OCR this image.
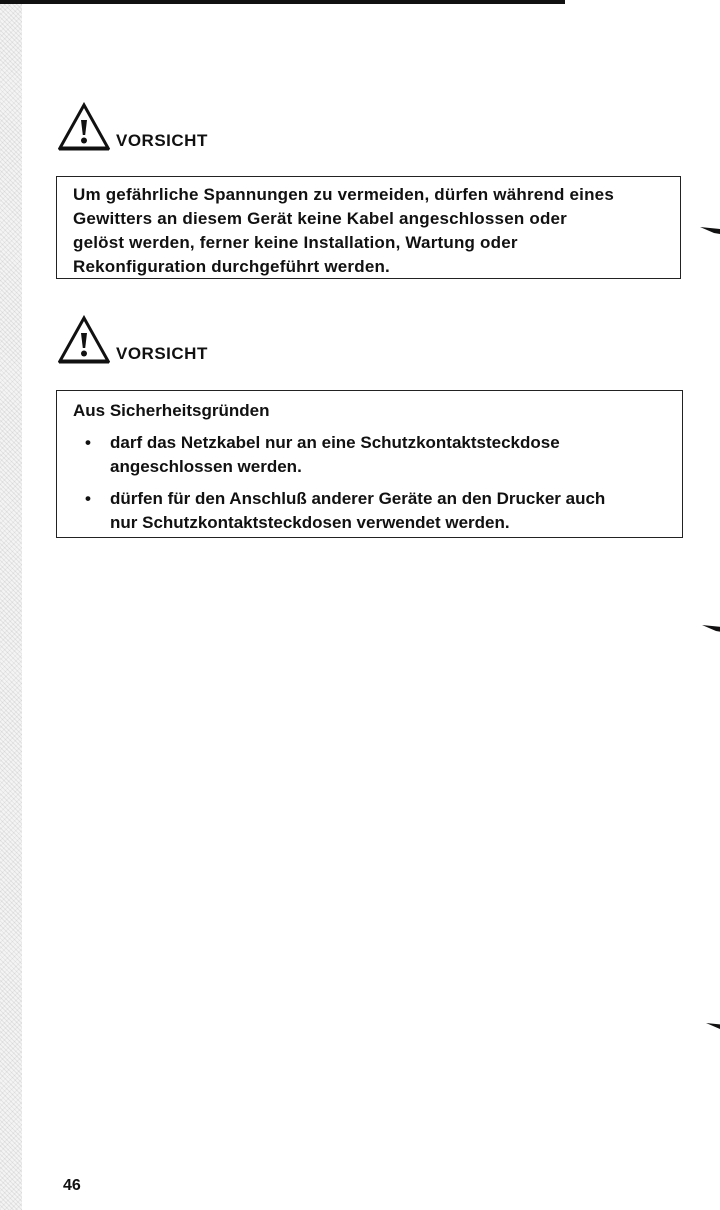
VORSICHT

Um gefährliche Spannungen zu vermeiden, dürfen während eines

Gewitters an diesem Gerät keine Kabel angeschlossen oder

gelöst werden, ferner keine Installation, Wartung oder

Rekonfiguration durchgeführt werden.

VORSICHT

Aus Sicherheitsgründen

• darf das Netzkabel nur an eine Schutzkontaktsteckdose
angeschlossen werden.
• dürfen für den Anschluß anderer Geräte an den Drucker auch
nur Schutzkontaktsteckdosen verwendet werden.
46
